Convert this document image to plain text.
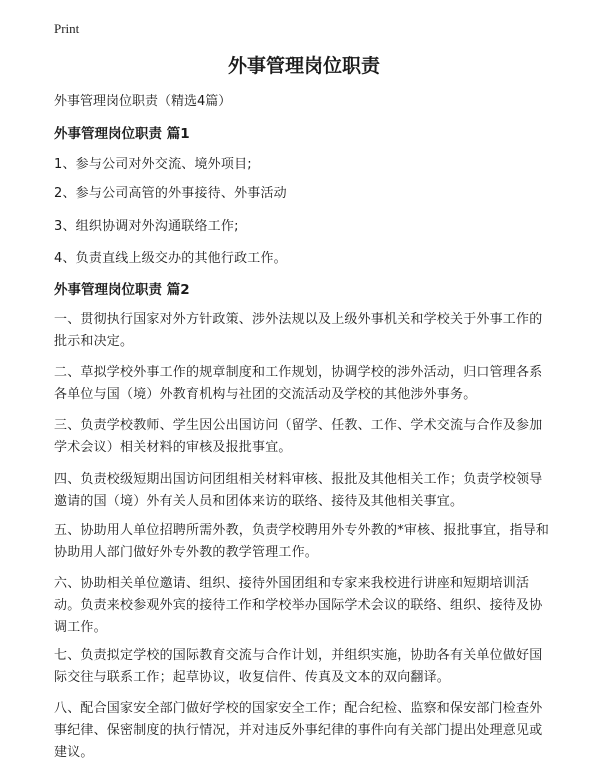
Print
外事管理岗位职责

外事管理岗位职责（精选4篇）

外事管理岗位职责 篇1

1、参与公司对外交流、境外项目;

2、参与公司高管的外事接待、外事活动

3、组织协调对外沟通联络工作;

4、负责直线上级交办的其他行政工作。

外事管理岗位职责 篇2

一、贯彻执行国家对外方针政策、涉外法规以及上级外事机关和学校关于外事工作的批示和决定。

二、草拟学校外事工作的规章制度和工作规划，协调学校的涉外活动，归口管理各系各单位与国（境）外教育机构与社团的交流活动及学校的其他涉外事务。

三、负责学校教师、学生因公出国访问（留学、任教、工作、学术交流与合作及参加学术会议）相关材料的审核及报批事宜。

四、负责校级短期出国访问团组相关材料审核、报批及其他相关工作；负责学校领导邀请的国（境）外有关人员和团体来访的联络、接待及其他相关事宜。

五、协助用人单位招聘所需外教，负责学校聘用外专外教的*审核、报批事宜，指导和协助用人部门做好外专外教的教学管理工作。

六、协助相关单位邀请、组织、接待外国团组和专家来我校进行讲座和短期培训活动。负责来校参观外宾的接待工作和学校举办国际学术会议的联络、组织、接待及协调工作。

七、负责拟定学校的国际教育交流与合作计划，并组织实施，协助各有关单位做好国际交往与联系工作；起草协议，收复信件、传真及文本的双向翻译。

八、配合国家安全部门做好学校的国家安全工作；配合纪检、监察和保安部门检查外事纪律、保密制度的执行情况，并对违反外事纪律的事件向有关部门提出处理意见或建议。
